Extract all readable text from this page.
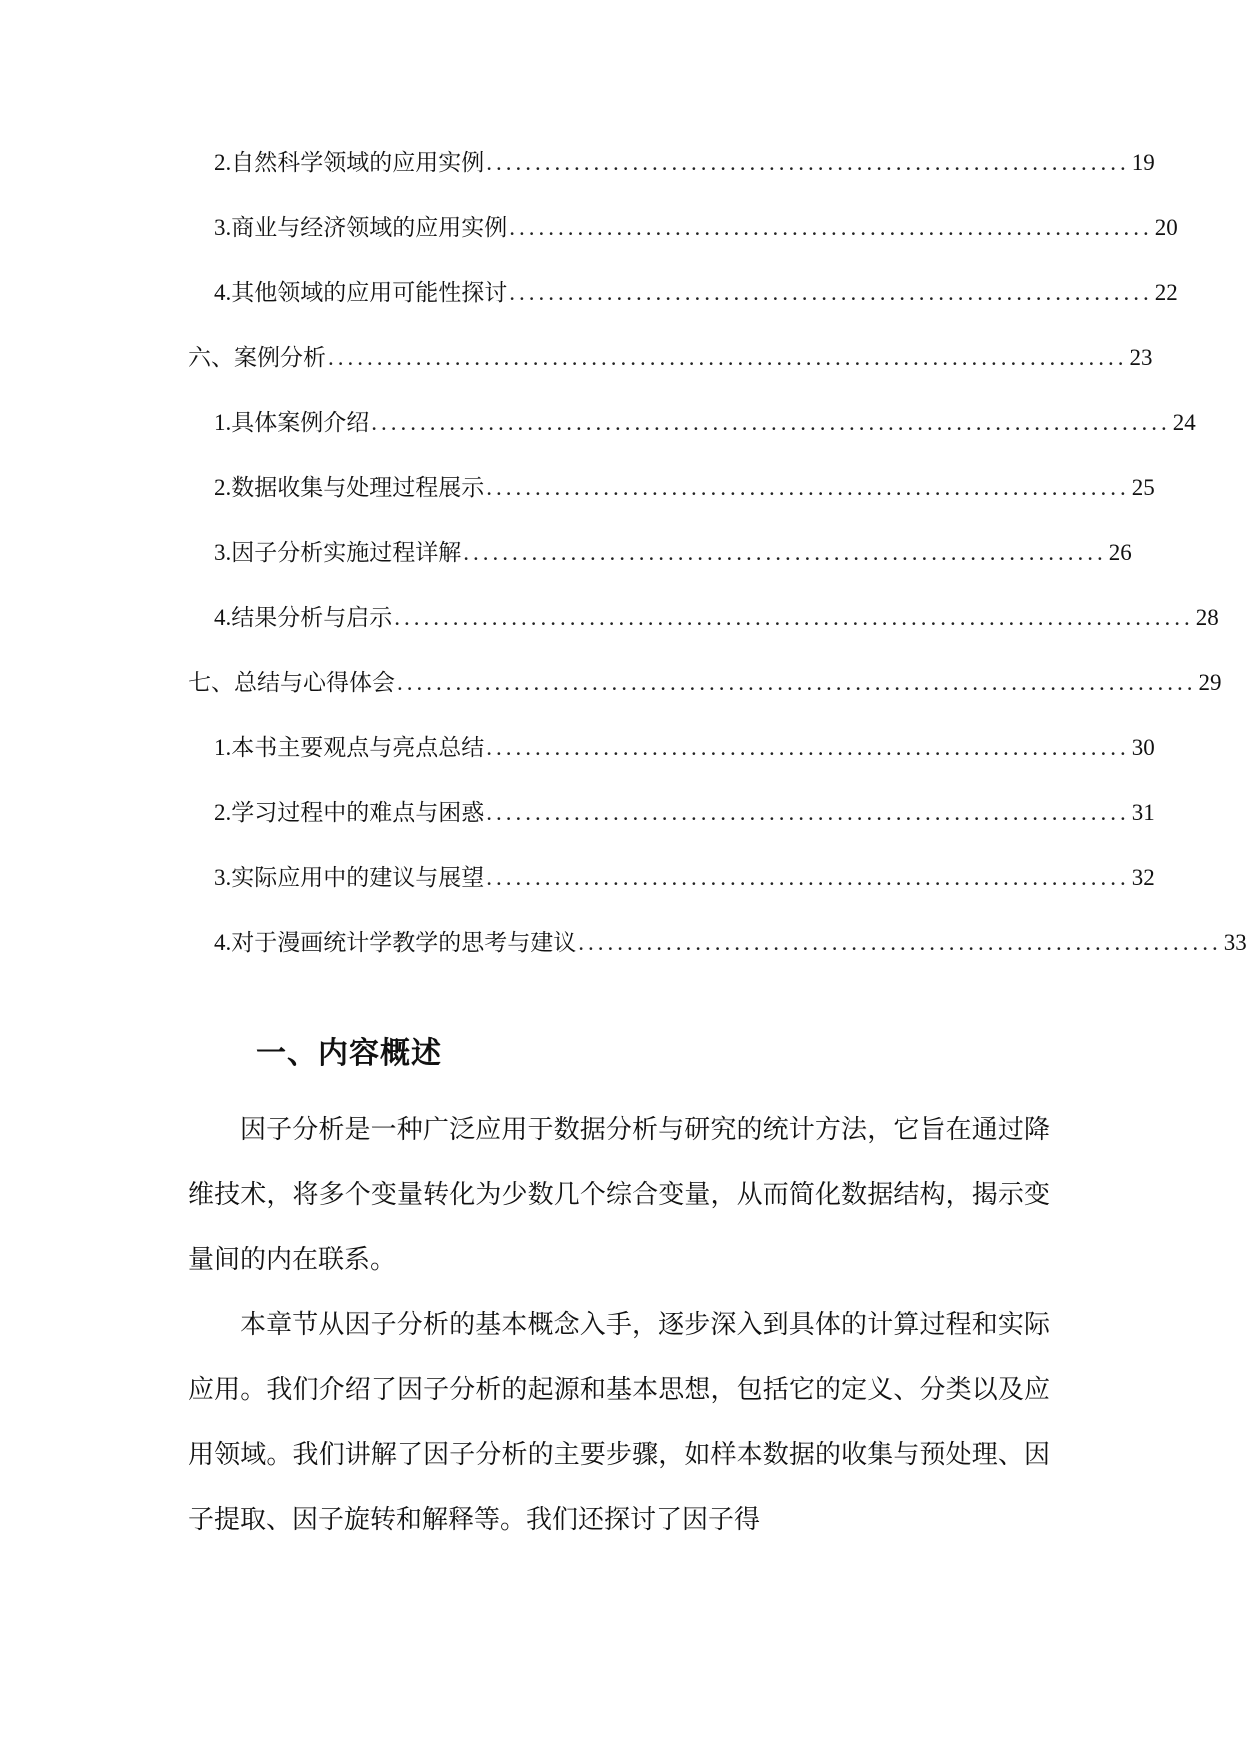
2. 自然科学领域的应用实例 .................................................................. 19
3. 商业与经济领域的应用实例 .................................................................. 20
4. 其他领域的应用可能性探讨 .................................................................. 22
六、案例分析 .................................................................................. 23
1. 具体案例介绍 .................................................................................. 24
2. 数据收集与处理过程展示 .................................................................. 25
3. 因子分析实施过程详解 .................................................................. 26
4. 结果分析与启示 .................................................................................. 28
七、总结与心得体会 .................................................................................. 29
1. 本书主要观点与亮点总结 .................................................................. 30
2. 学习过程中的难点与困惑 .................................................................. 31
3. 实际应用中的建议与展望 .................................................................. 32
4. 对于漫画统计学教学的思考与建议 .................................................................. 33
一、内容概述

因子分析是一种广泛应用于数据分析与研究的统计方法，它旨在通过降维技术，将多个变量转化为少数几个综合变量，从而简化数据结构，揭示变量间的内在联系。

本章节从因子分析的基本概念入手，逐步深入到具体的计算过程和实际应用。我们介绍了因子分析的起源和基本思想，包括它的定义、分类以及应用领域。我们讲解了因子分析的主要步骤，如样本数据的收集与预处理、因子提取、因子旋转和解释等。我们还探讨了因子得
